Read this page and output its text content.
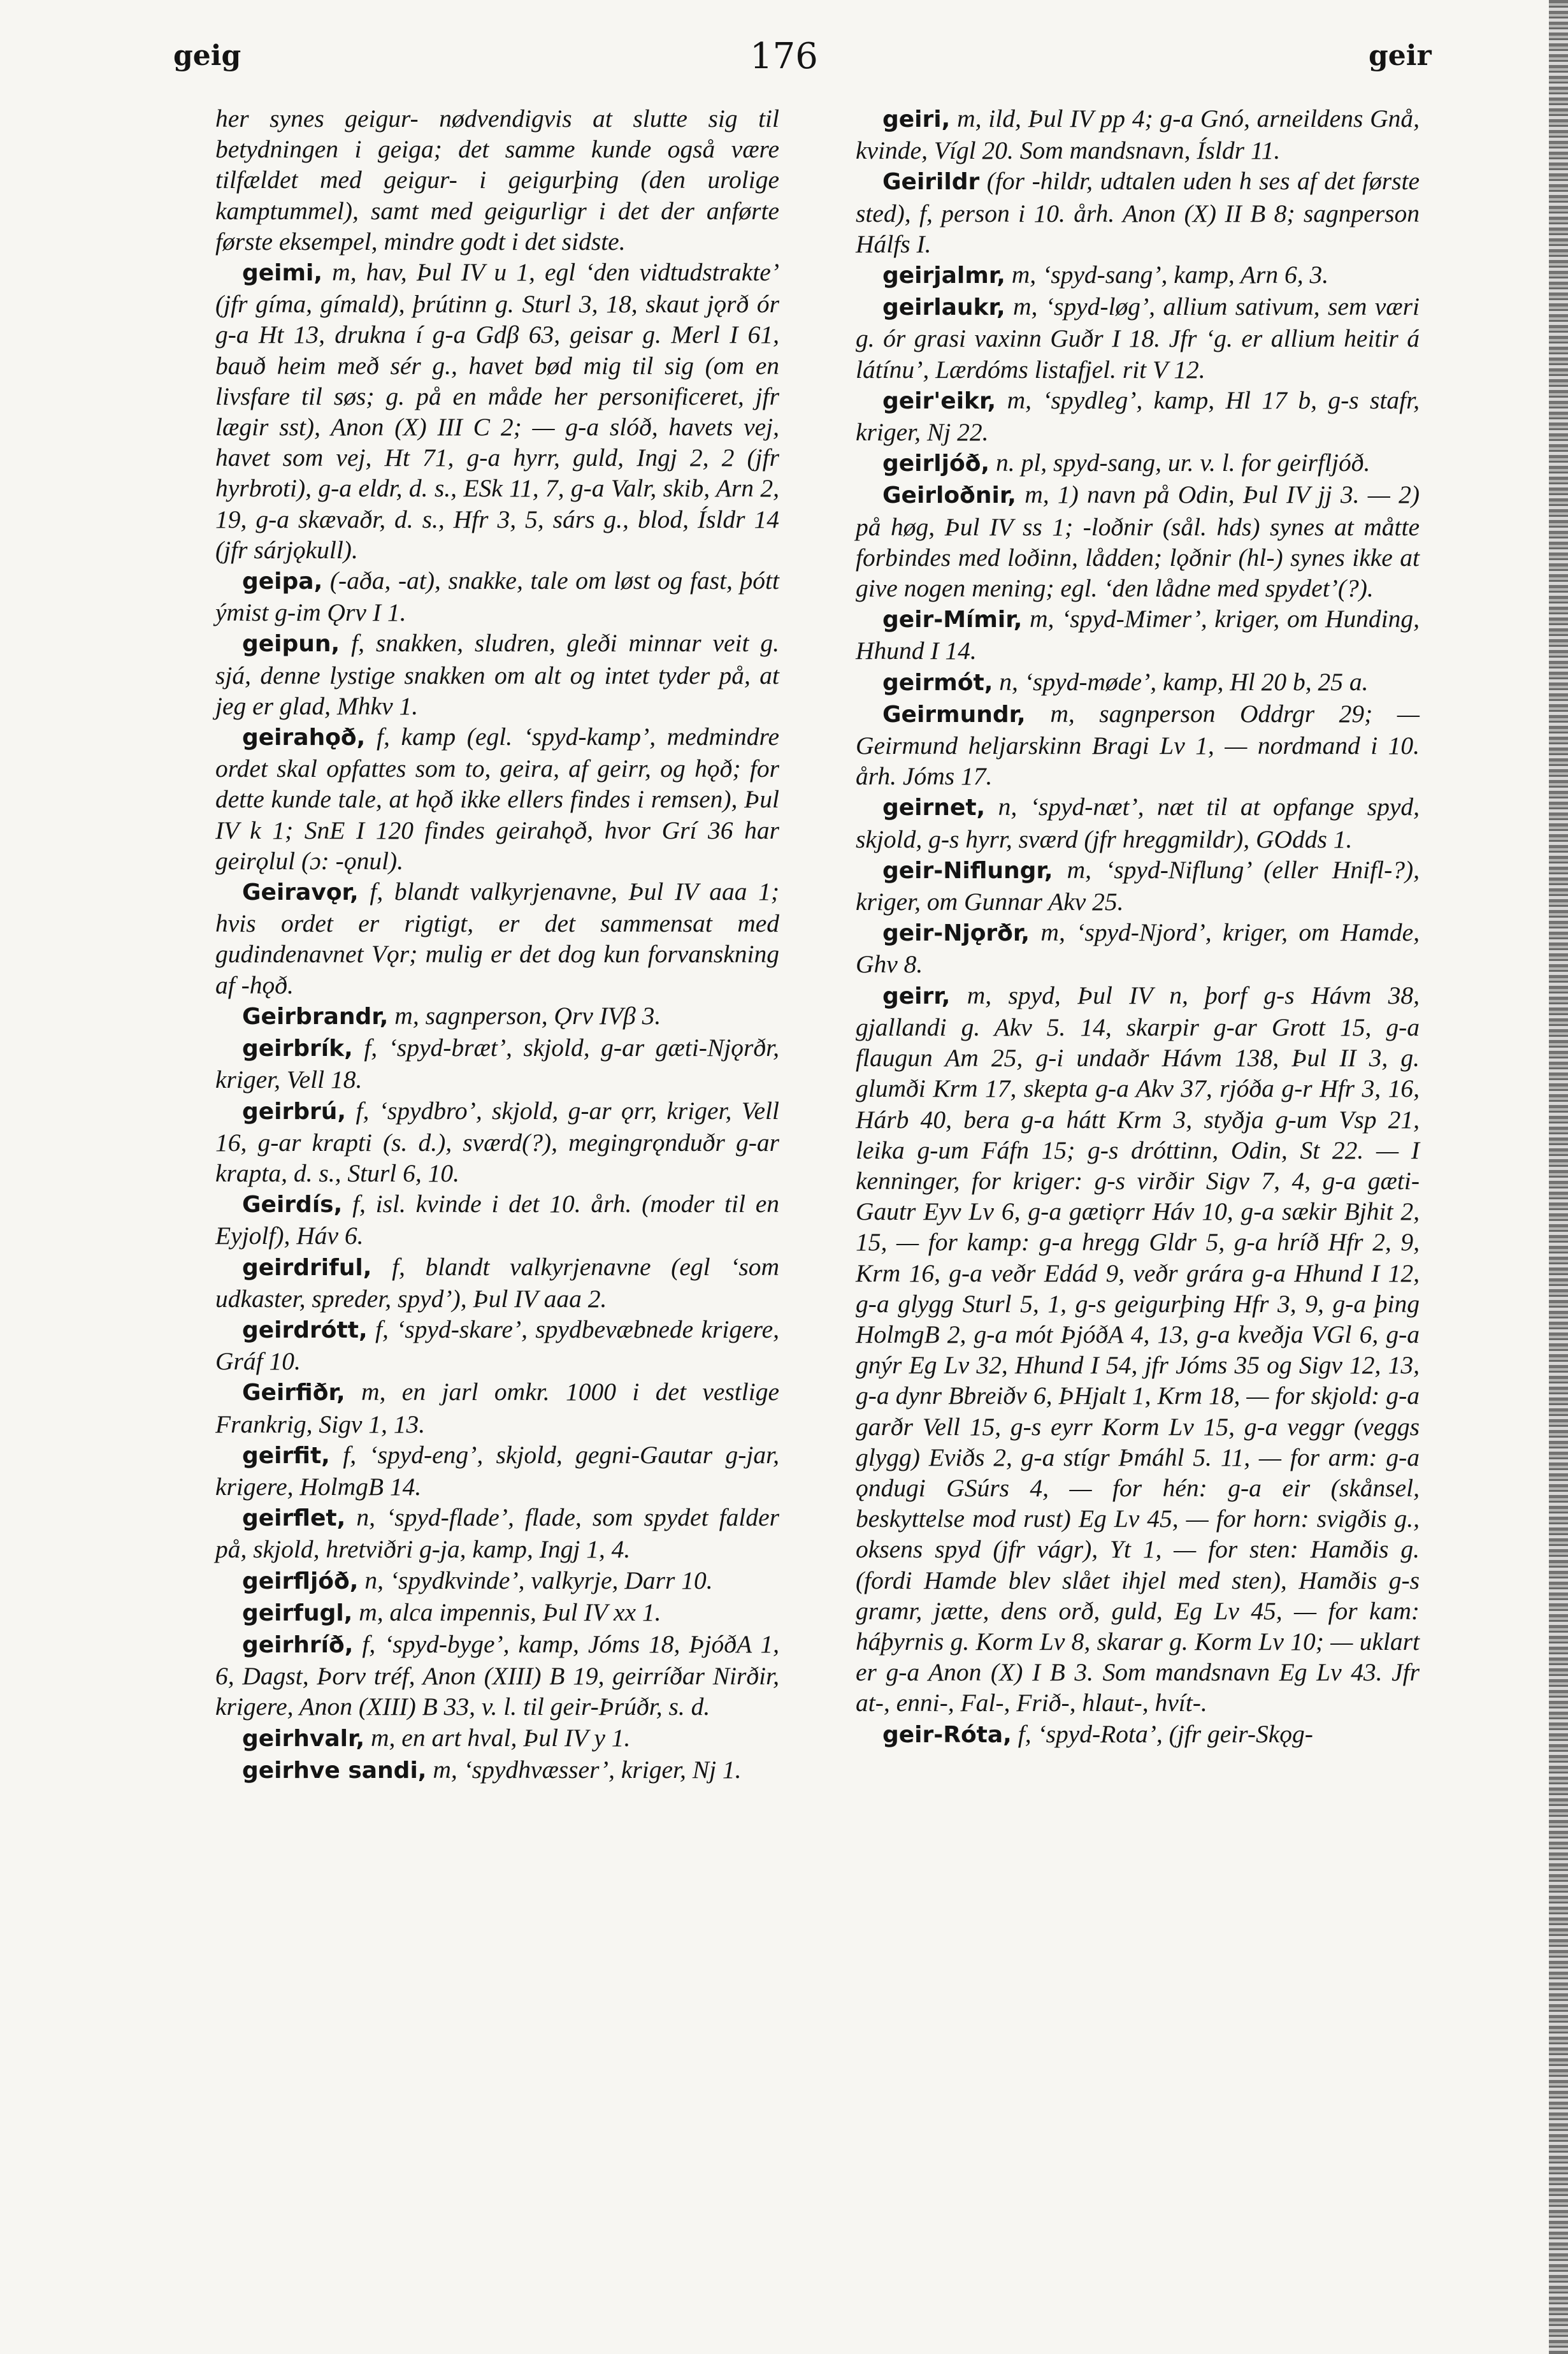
geig	176	geir

her synes geigur- nødvendigvis at slutte sig til betydningen i geiga; det samme kunde også være tilfældet med geigur- i geigurþing (den urolige kamptummel), samt med geigurligr i det der anførte første eksempel, mindre godt i det sidste.

geimi, m, hav, Þul IV u 1, egl ‘den vidtudstrakte’ (jfr gíma, gímald), þrútinn g. Sturl 3, 18, skaut jǫrð ór g-a Ht 13, drukna í g-a Gdβ 63, geisar g. Merl I 61, bauð heim með sér g., havet bød mig til sig (om en livsfare til søs; g. på en måde her personificeret, jfr lægir sst), Anon (X) III C 2; — g-a slóð, havets vej, havet som vej, Ht 71, g-a hyrr, guld, Ingj 2, 2 (jfr hyrbroti), g-a eldr, d. s., ESk 11, 7, g-a Valr, skib, Arn 2, 19, g-a skævaðr, d. s., Hfr 3, 5, sárs g., blod, Ísldr 14 (jfr sárjǫkull).

geipa, (-aða, -at), snakke, tale om løst og fast, þótt ýmist g-im Ǫrv I 1.

geipun, f, snakken, sludren, gleði minnar veit g. sjá, denne lystige snakken om alt og intet tyder på, at jeg er glad, Mhkv 1.

geirahǫð, f, kamp (egl. ‘spyd-kamp’, medmindre ordet skal opfattes som to, geira, af geirr, og hǫð; for dette kunde tale, at hǫð ikke ellers findes i remsen), Þul IV k 1; SnE I 120 findes geirahǫð, hvor Grí 36 har geirǫlul (ɔ: -ǫnul).

Geiravǫr, f, blandt valkyrjenavne, Þul IV aaa 1; hvis ordet er rigtigt, er det sammensat med gudindenavnet Vǫr; mulig er det dog kun forvanskning af -hǫð.

Geirbrandr, m, sagnperson, Ǫrv IVβ 3.

geirbrík, f, ‘spyd-bræt’, skjold, g-ar gæti-Njǫrðr, kriger, Vell 18.

geirbrú, f, ‘spydbro’, skjold, g-ar ǫrr, kriger, Vell 16, g-ar krapti (s. d.), sværd(?), megingrǫnduðr g-ar krapta, d. s., Sturl 6, 10.

Geirdís, f, isl. kvinde i det 10. årh. (moder til en Eyjolf), Háv 6.

geirdriful, f, blandt valkyrjenavne (egl ‘som udkaster, spreder, spyd’), Þul IV aaa 2.

geirdrótt, f, ‘spyd-skare’, spydbevæbnede krigere, Gráf 10.

Geirfiðr, m, en jarl omkr. 1000 i det vestlige Frankrig, Sigv 1, 13.

geirfit, f, ‘spyd-eng’, skjold, gegni-Gautar g-jar, krigere, HolmgB 14.

geirflet, n, ‘spyd-flade’, flade, som spydet falder på, skjold, hretviðri g-ja, kamp, Ingj 1, 4.

geirfljóð, n, ‘spydkvinde’, valkyrje, Darr 10.

geirfugl, m, alca impennis, Þul IV xx 1.

geirhríð, f, ‘spyd-byge’, kamp, Jóms 18, ÞjóðA 1, 6, Dagst, Þorv tréf, Anon (XIII) B 19, geirríðar Nirðir, krigere, Anon (XIII) B 33, v. l. til geir-Þrúðr, s. d.

geirhvalr, m, en art hval, Þul IV y 1.

geirhve sandi, m, ‘spydhvæsser’, kriger, Nj 1.

geiri, m, ild, Þul IV pp 4; g-a Gnó, arneildens Gnå, kvinde, Vígl 20. Som mandsnavn, Ísldr 11.

Geirildr (for -hildr, udtalen uden h ses af det første sted), f, person i 10. årh. Anon (X) II B 8; sagnperson Hálfs I.

geirjalmr, m, ‘spyd-sang’, kamp, Arn 6, 3.

geirlaukr, m, ‘spyd-løg’, allium sativum, sem væri g. ór grasi vaxinn Guðr I 18. Jfr ‘g. er allium heitir á látínu’, Lærdóms listafjel. rit V 12.

geir'eikr, m, ‘spydleg’, kamp, Hl 17 b, g-s stafr, kriger, Nj 22.

geirljóð, n. pl, spyd-sang, ur. v. l. for geirfljóð.

Geirloðnir, m, 1) navn på Odin, Þul IV jj 3. — 2) på høg, Þul IV ss 1; -loðnir (sål. hds) synes at måtte forbindes med loðinn, lådden; lǫðnir (hl-) synes ikke at give nogen mening; egl. ‘den lådne med spydet’(?).

geir-Mímir, m, ‘spyd-Mimer’, kriger, om Hunding, Hhund I 14.

geirmót, n, ‘spyd-møde’, kamp, Hl 20 b, 25 a.

Geirmundr, m, sagnperson Oddrgr 29; — Geirmund heljarskinn Bragi Lv 1, — nordmand i 10. årh. Jóms 17.

geirnet, n, ‘spyd-næt’, næt til at opfange spyd, skjold, g-s hyrr, sværd (jfr hreggmildr), GOdds 1.

geir-Niflungr, m, ‘spyd-Niflung’ (eller Hnifl-?), kriger, om Gunnar Akv 25.

geir-Njǫrðr, m, ‘spyd-Njord’, kriger, om Hamde, Ghv 8.

geirr, m, spyd, Þul IV n, þorf g-s Hávm 38, gjallandi g. Akv 5. 14, skarpir g-ar Grott 15, g-a flaugun Am 25, g-i undaðr Hávm 138, Þul II 3, g. glumði Krm 17, skepta g-a Akv 37, rjóða g-r Hfr 3, 16, Hárb 40, bera g-a hátt Krm 3, styðja g-um Vsp 21, leika g-um Fáfn 15; g-s dróttinn, Odin, St 22. — I kenninger, for kriger: g-s virðir Sigv 7, 4, g-a gæti-Gautr Eyv Lv 6, g-a gætiǫrr Háv 10, g-a sækir Bjhit 2, 15, — for kamp: g-a hregg Gldr 5, g-a hríð Hfr 2, 9, Krm 16, g-a veðr Edád 9, veðr grára g-a Hhund I 12, g-a glygg Sturl 5, 1, g-s geigurþing Hfr 3, 9, g-a þing HolmgB 2, g-a mót ÞjóðA 4, 13, g-a kveðja VGl 6, g-a gnýr Eg Lv 32, Hhund I 54, jfr Jóms 35 og Sigv 12, 13, g-a dynr Bbreiðv 6, ÞHjalt 1, Krm 18, — for skjold: g-a garðr Vell 15, g-s eyrr Korm Lv 15, g-a veggr (veggs glygg) Eviðs 2, g-a stígr Þmáhl 5. 11, — for arm: g-a ǫndugi GSúrs 4, — for hén: g-a eir (skånsel, beskyttelse mod rust) Eg Lv 45, — for horn: svigðis g., oksens spyd (jfr vágr), Yt 1, — for sten: Hamðis g. (fordi Hamde blev slået ihjel med sten), Hamðis g-s gramr, jætte, dens orð, guld, Eg Lv 45, — for kam: háþyrnis g. Korm Lv 8, skarar g. Korm Lv 10; — uklart er g-a Anon (X) I B 3. Som mandsnavn Eg Lv 43. Jfr at-, enni-, Fal-, Frið-, hlaut-, hvít-.

geir-Róta, f, ‘spyd-Rota’, (jfr geir-Skǫg-
